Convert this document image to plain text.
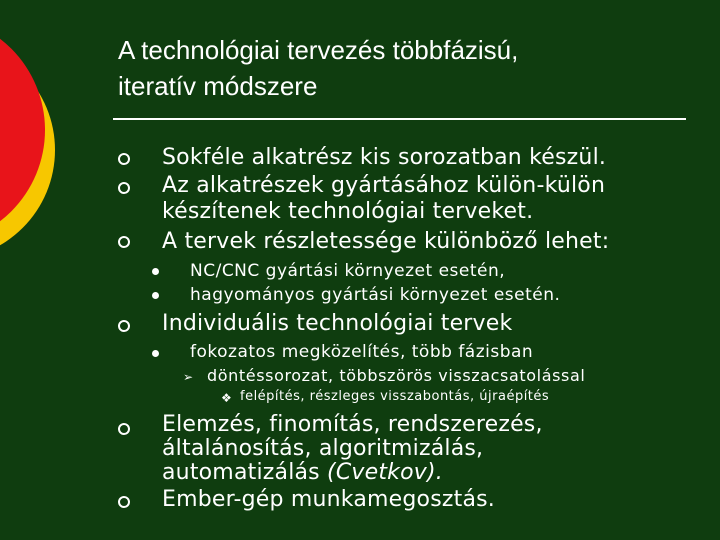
A technológiai tervezés többfázisú,
iteratív módszere
Sokféle alkatrész kis sorozatban készül.
Az alkatrészek gyártásához külön-külön
készítenek technológiai terveket.
A tervek részletessége különböző lehet:
NC/CNC gyártási környezet esetén,
hagyományos gyártási környezet esetén.
Individuális technológiai tervek
fokozatos megközelítés, több fázisban
➢ döntéssorozat, többszörös visszacsatolással
❖ felépítés, részleges visszabontás, újraépítés
Elemzés, finomítás, rendszerezés,
általánosítás, algoritmizálás,
automatizálás (Cvetkov).
Ember-gép munkamegosztás.
